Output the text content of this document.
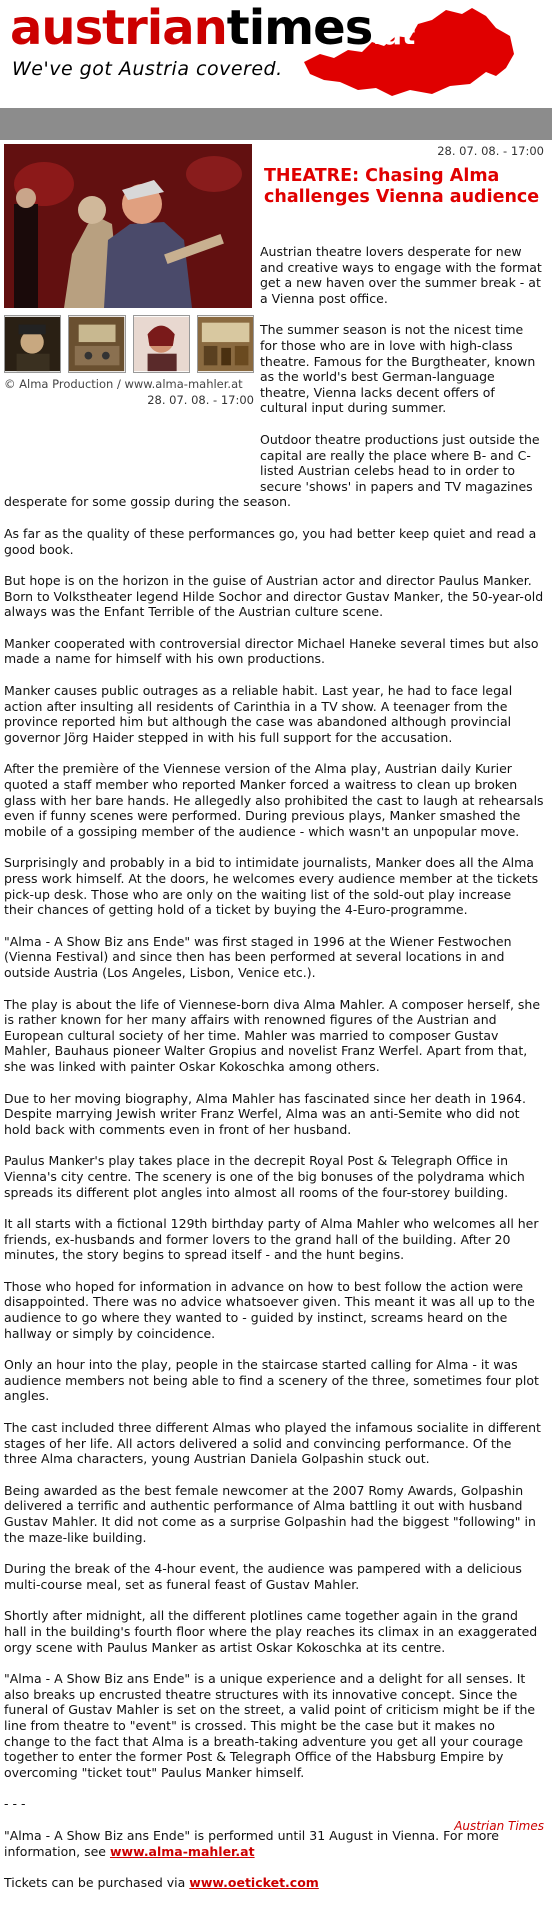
austriantimes.at
We've got Austria covered.
© Alma Production / www.alma-mahler.at
28. 07. 08. - 17:00
28. 07. 08. - 17:00
THEATRE: Chasing Alma challenges Vienna audience

Austrian theatre lovers desperate for new and creative ways to engage with the format get a new haven over the summer break - at a Vienna post office.

The summer season is not the nicest time for those who are in love with high-class theatre. Famous for the Burgtheater, known as the world's best German-language theatre, Vienna lacks decent offers of cultural input during summer.

Outdoor theatre productions just outside the capital are really the place where B- and C-listed Austrian celebs head to in order to secure 'shows' in papers and TV magazines desperate for some gossip during the season.

As far as the quality of these performances go, you had better keep quiet and read a good book.

But hope is on the horizon in the guise of Austrian actor and director Paulus Manker. Born to Volkstheater legend Hilde Sochor and director Gustav Manker, the 50-year-old always was the Enfant Terrible of the Austrian culture scene.

Manker cooperated with controversial director Michael Haneke several times but also made a name for himself with his own productions.

Manker causes public outrages as a reliable habit. Last year, he had to face legal action after insulting all residents of Carinthia in a TV show. A teenager from the province reported him but although the case was abandoned although provincial governor Jörg Haider stepped in with his full support for the accusation.

After the première of the Viennese version of the Alma play, Austrian daily Kurier quoted a staff member who reported Manker forced a waitress to clean up broken glass with her bare hands. He allegedly also prohibited the cast to laugh at rehearsals even if funny scenes were performed. During previous plays, Manker smashed the mobile of a gossiping member of the audience - which wasn't an unpopular move.

Surprisingly and probably in a bid to intimidate journalists, Manker does all the Alma press work himself. At the doors, he welcomes every audience member at the tickets pick-up desk. Those who are only on the waiting list of the sold-out play increase their chances of getting hold of a ticket by buying the 4-Euro-programme.

"Alma - A Show Biz ans Ende" was first staged in 1996 at the Wiener Festwochen (Vienna Festival) and since then has been performed at several locations in and outside Austria (Los Angeles, Lisbon, Venice etc.).

The play is about the life of Viennese-born diva Alma Mahler. A composer herself, she is rather known for her many affairs with renowned figures of the Austrian and European cultural society of her time. Mahler was married to composer Gustav Mahler, Bauhaus pioneer Walter Gropius and novelist Franz Werfel. Apart from that, she was linked with painter Oskar Kokoschka among others.

Due to her moving biography, Alma Mahler has fascinated since her death in 1964. Despite marrying Jewish writer Franz Werfel, Alma was an anti-Semite who did not hold back with comments even in front of her husband.

Paulus Manker's play takes place in the decrepit Royal Post & Telegraph Office in Vienna's city centre. The scenery is one of the big bonuses of the polydrama which spreads its different plot angles into almost all rooms of the four-storey building.

It all starts with a fictional 129th birthday party of Alma Mahler who welcomes all her friends, ex-husbands and former lovers to the grand hall of the building. After 20 minutes, the story begins to spread itself - and the hunt begins.

Those who hoped for information in advance on how to best follow the action were disappointed. There was no advice whatsoever given. This meant it was all up to the audience to go where they wanted to - guided by instinct, screams heard on the hallway or simply by coincidence.

Only an hour into the play, people in the staircase started calling for Alma - it was audience members not being able to find a scenery of the three, sometimes four plot angles.

The cast included three different Almas who played the infamous socialite in different stages of her life. All actors delivered a solid and convincing performance. Of the three Alma characters, young Austrian Daniela Golpashin stuck out.

Being awarded as the best female newcomer at the 2007 Romy Awards, Golpashin delivered a terrific and authentic performance of Alma battling it out with husband Gustav Mahler. It did not come as a surprise Golpashin had the biggest "following" in the maze-like building.

During the break of the 4-hour event, the audience was pampered with a delicious multi-course meal, set as funeral feast of Gustav Mahler.

Shortly after midnight, all the different plotlines came together again in the grand hall in the building's fourth floor where the play reaches its climax in an exaggerated orgy scene with Paulus Manker as artist Oskar Kokoschka at its centre.

"Alma - A Show Biz ans Ende" is a unique experience and a delight for all senses. It also breaks up encrusted theatre structures with its innovative concept. Since the funeral of Gustav Mahler is set on the street, a valid point of criticism might be if the line from theatre to "event" is crossed. This might be the case but it makes no change to the fact that Alma is a breath-taking adventure you get all your courage together to enter the former Post & Telegraph Office of the Habsburg Empire by overcoming "ticket tout" Paulus Manker himself.

- - -

"Alma - A Show Biz ans Ende" is performed until 31 August in Vienna. For more information, see www.alma-mahler.at

Tickets can be purchased via www.oeticket.com

Austrian Times
